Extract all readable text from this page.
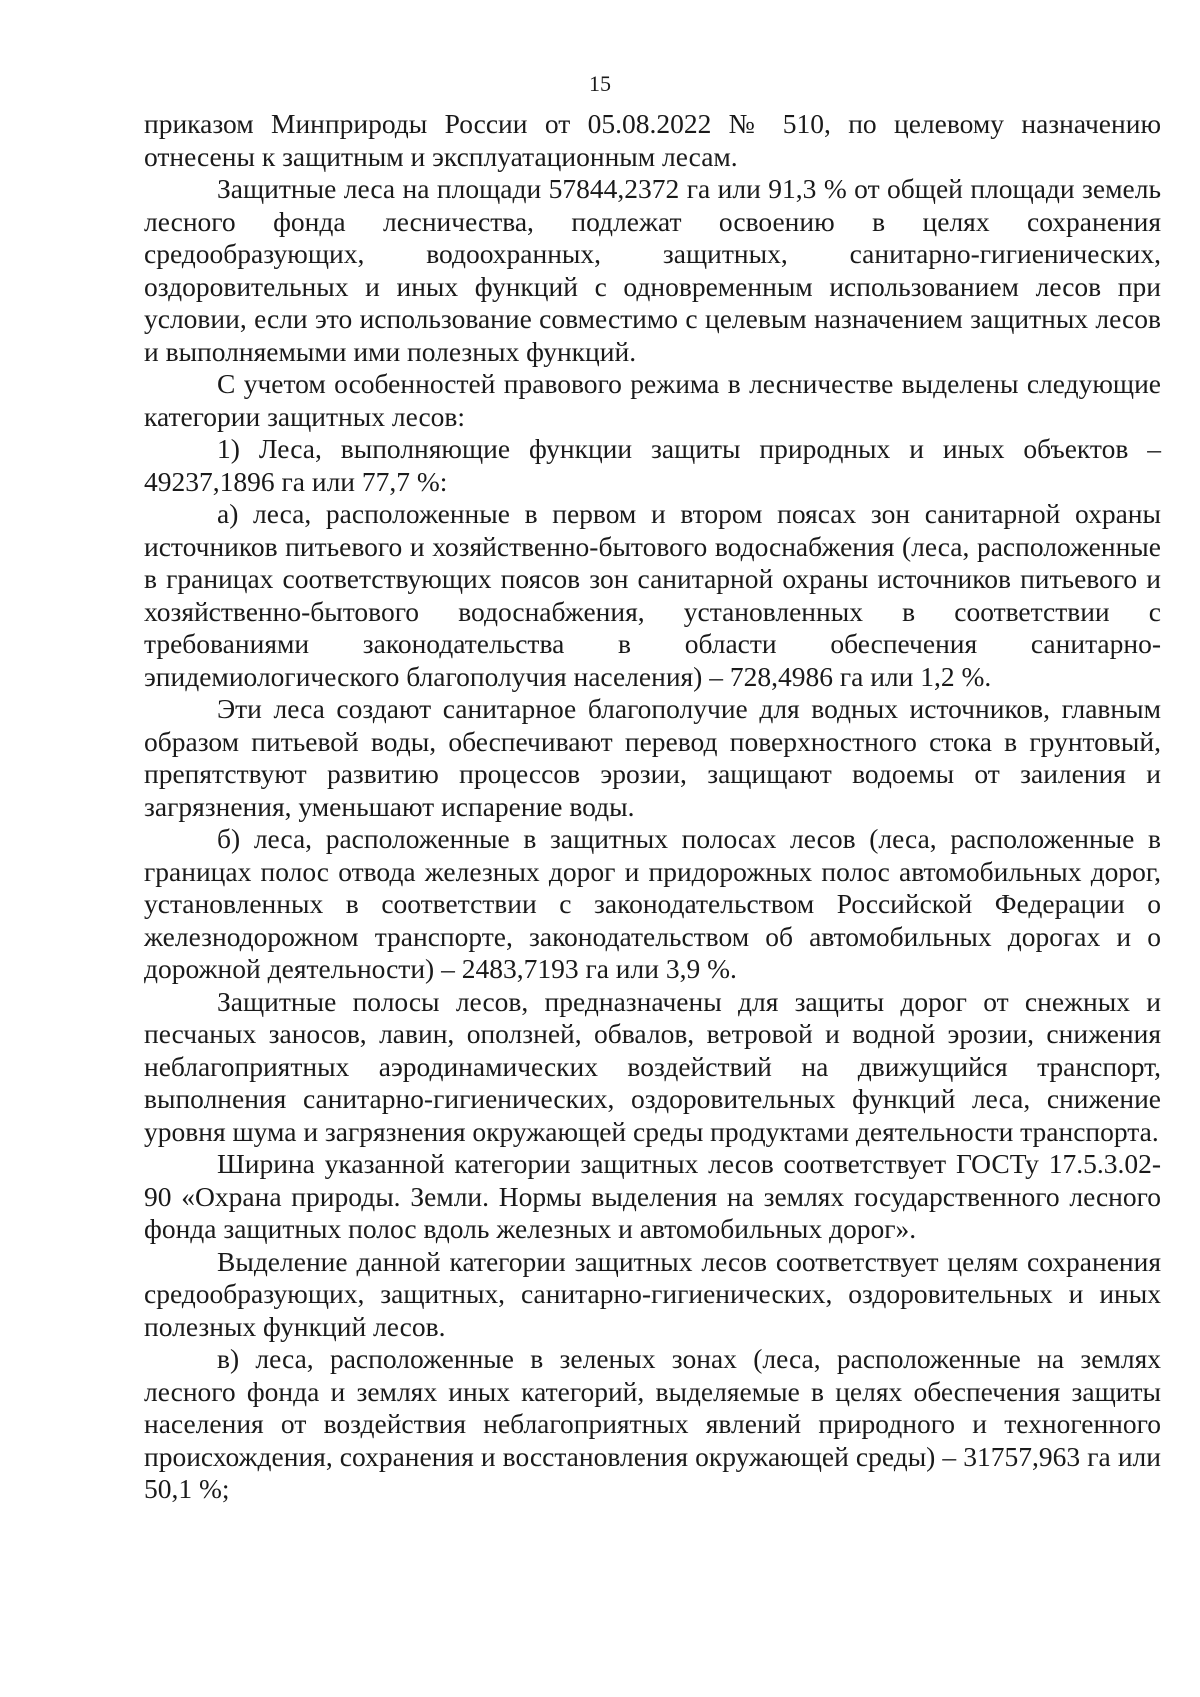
15

приказом Минприроды России от 05.08.2022 № 510, по целевому назначению отнесены к защитным и эксплуатационным лесам.

Защитные леса на площади 57844,2372 га или 91,3 % от общей площади земель лесного фонда лесничества, подлежат освоению в целях сохранения средообразующих, водоохранных, защитных, санитарно-гигиенических, оздоровительных и иных функций с одновременным использованием лесов при условии, если это использование совместимо с целевым назначением защитных лесов и выполняемыми ими полезных функций.

С учетом особенностей правового режима в лесничестве выделены следующие категории защитных лесов:

1) Леса, выполняющие функции защиты природных и иных объектов – 49237,1896 га или 77,7 %:

а) леса, расположенные в первом и втором поясах зон санитарной охраны источников питьевого и хозяйственно-бытового водоснабжения (леса, расположенные в границах соответствующих поясов зон санитарной охраны источников питьевого и хозяйственно-бытового водоснабжения, установленных в соответствии с требованиями законодательства в области обеспечения санитарно-эпидемиологического благополучия населения) – 728,4986 га или 1,2 %.

Эти леса создают санитарное благополучие для водных источников, главным образом питьевой воды, обеспечивают перевод поверхностного стока в грунтовый, препятствуют развитию процессов эрозии, защищают водоемы от заиления и загрязнения, уменьшают испарение воды.

б) леса, расположенные в защитных полосах лесов (леса, расположенные в границах полос отвода железных дорог и придорожных полос автомобильных дорог, установленных в соответствии с законодательством Российской Федерации о железнодорожном транспорте, законодательством об автомобильных дорогах и о дорожной деятельности) – 2483,7193 га или 3,9 %.

Защитные полосы лесов, предназначены для защиты дорог от снежных и песчаных заносов, лавин, оползней, обвалов, ветровой и водной эрозии, снижения неблагоприятных аэродинамических воздействий на движущийся транспорт, выполнения санитарно-гигиенических, оздоровительных функций леса, снижение уровня шума и загрязнения окружающей среды продуктами деятельности транспорта.

Ширина указанной категории защитных лесов соответствует ГОСТу 17.5.3.02-90 «Охрана природы. Земли. Нормы выделения на землях государственного лесного фонда защитных полос вдоль железных и автомобильных дорог».

Выделение данной категории защитных лесов соответствует целям сохранения средообразующих, защитных, санитарно-гигиенических, оздоровительных и иных полезных функций лесов.

в) леса, расположенные в зеленых зонах (леса, расположенные на землях лесного фонда и землях иных категорий, выделяемые в целях обеспечения защиты населения от воздействия неблагоприятных явлений природного и техногенного происхождения, сохранения и восстановления окружающей среды) – 31757,963 га или 50,1 %;
